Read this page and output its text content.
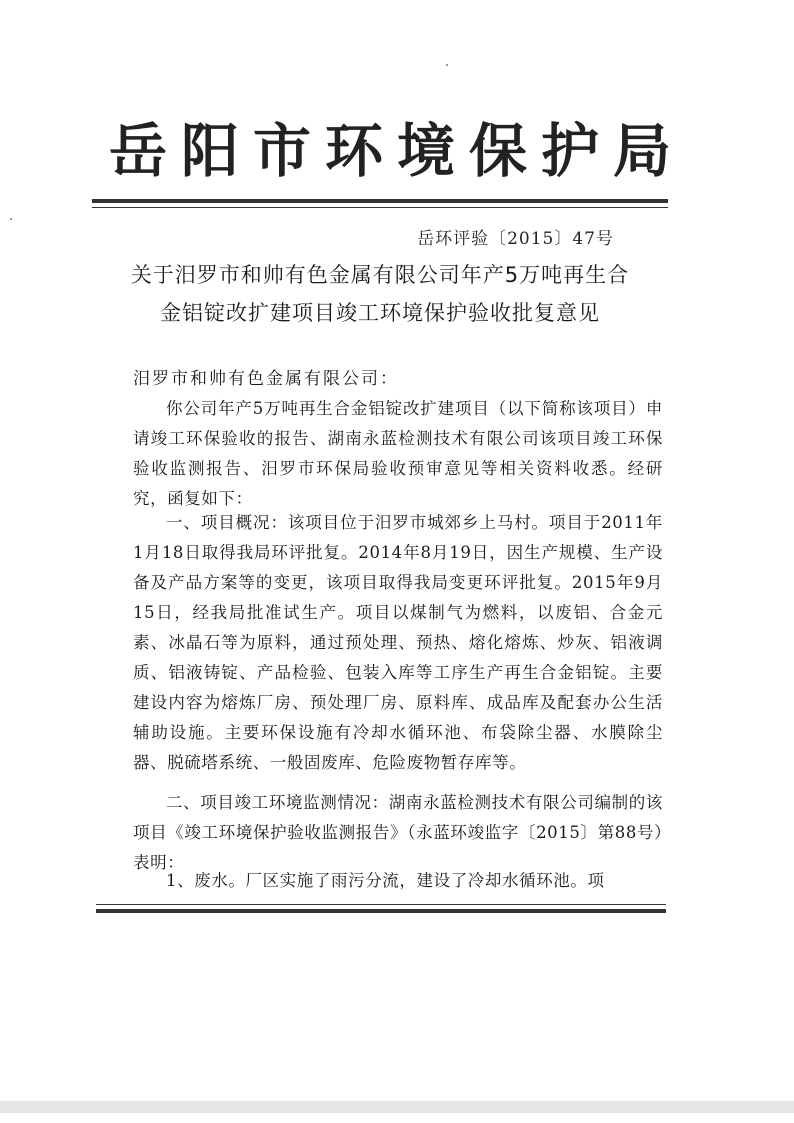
岳阳市环境保护局
岳环评验〔2015〕47号
关于汨罗市和帅有色金属有限公司年产5万吨再生合
金铝锭改扩建项目竣工环境保护验收批复意见
汨罗市和帅有色金属有限公司：

你公司年产5万吨再生合金铝锭改扩建项目（以下简称该项目）申请竣工环保验收的报告、湖南永蓝检测技术有限公司该项目竣工环保验收监测报告、汨罗市环保局验收预审意见等相关资料收悉。经研究，函复如下：

一、项目概况：该项目位于汨罗市城郊乡上马村。项目于2011年1月18日取得我局环评批复。2014年8月19日，因生产规模、生产设备及产品方案等的变更，该项目取得我局变更环评批复。2015年9月15日，经我局批准试生产。项目以煤制气为燃料，以废铝、合金元素、冰晶石等为原料，通过预处理、预热、熔化熔炼、炒灰、铝液调质、铝液铸锭、产品检验、包装入库等工序生产再生合金铝锭。主要建设内容为熔炼厂房、预处理厂房、原料库、成品库及配套办公生活辅助设施。主要环保设施有冷却水循环池、布袋除尘器、水膜除尘器、脱硫塔系统、一般固废库、危险废物暂存库等。

二、项目竣工环境监测情况：湖南永蓝检测技术有限公司编制的该项目《竣工环境保护验收监测报告》（永蓝环竣监字〔2015〕第88号）表明：

1、废水。厂区实施了雨污分流，建设了冷却水循环池。项
